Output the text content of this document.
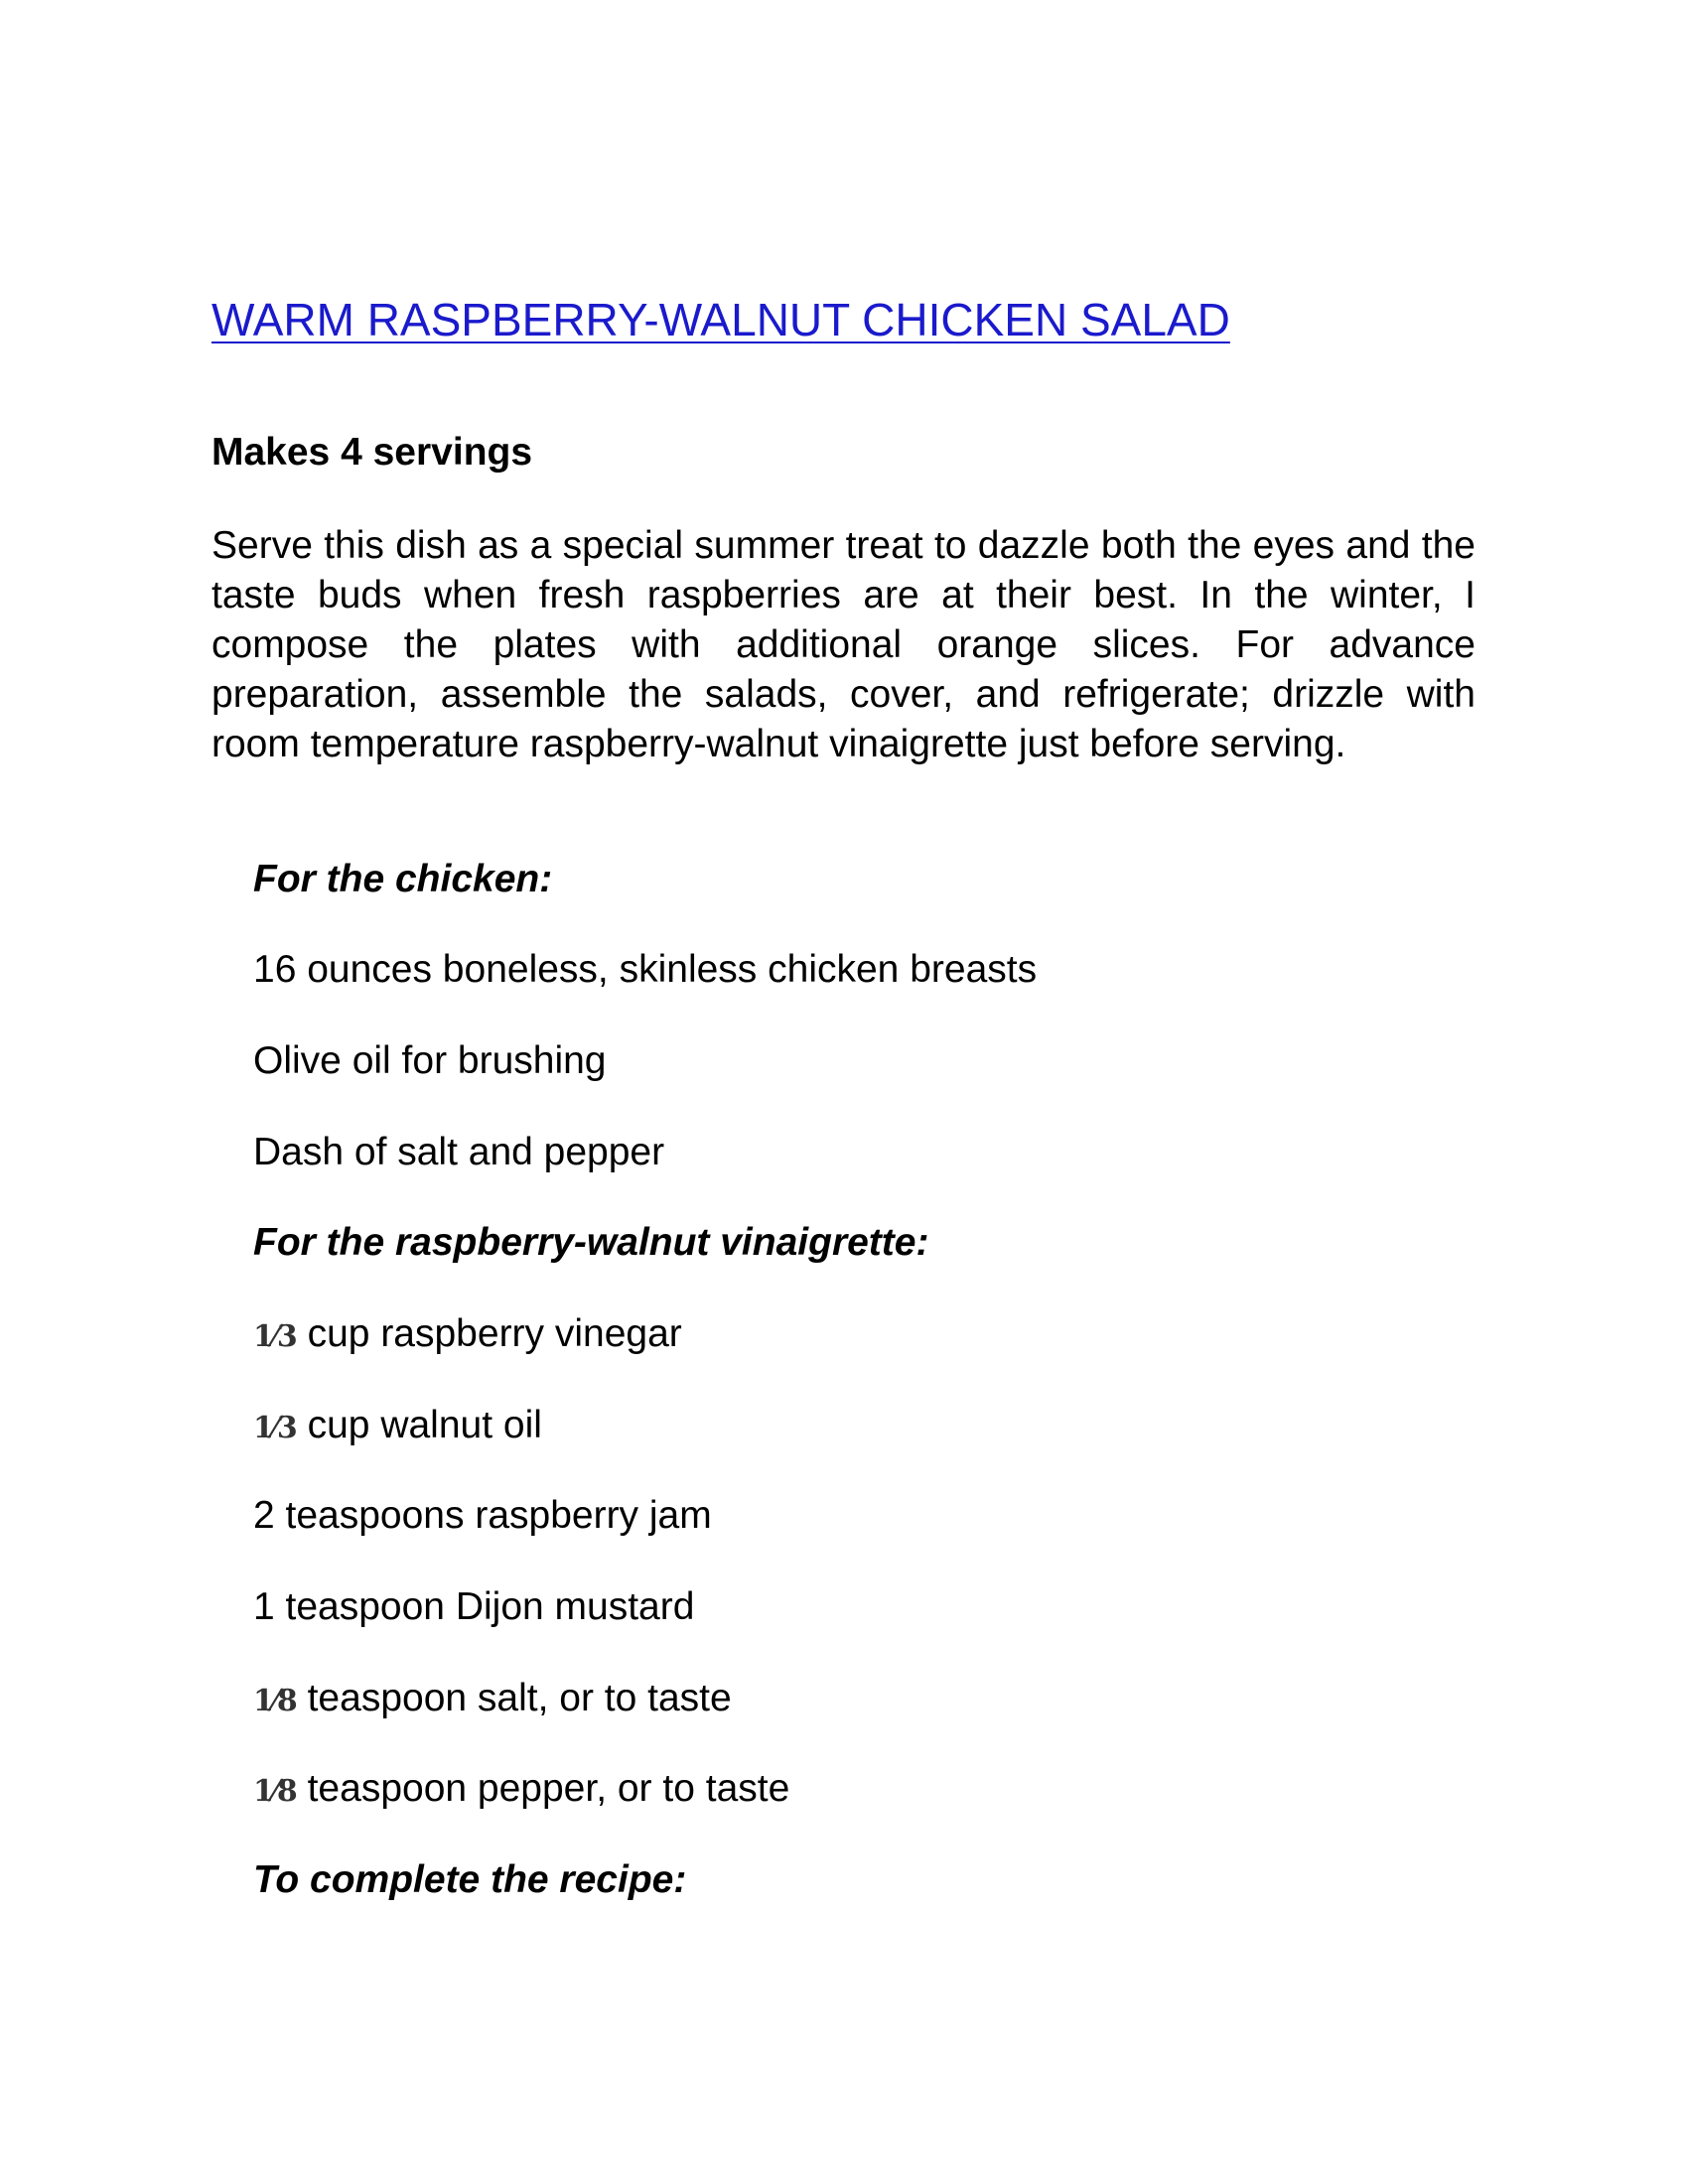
WARM RASPBERRY-WALNUT CHICKEN SALAD
Makes 4 servings

Serve this dish as a special summer treat to dazzle both the eyes and the taste buds when fresh raspberries are at their best. In the winter, I compose the plates with additional orange slices. For advance preparation, assemble the salads, cover, and refrigerate; drizzle with room temperature raspberry-walnut vinaigrette just before serving.

For the chicken:
16 ounces boneless, skinless chicken breasts
Olive oil for brushing
Dash of salt and pepper
For the raspberry-walnut vinaigrette:
1⁄3 cup raspberry vinegar
1⁄3 cup walnut oil
2 teaspoons raspberry jam
1 teaspoon Dijon mustard
1⁄8 teaspoon salt, or to taste
1⁄8 teaspoon pepper, or to taste
To complete the recipe:
